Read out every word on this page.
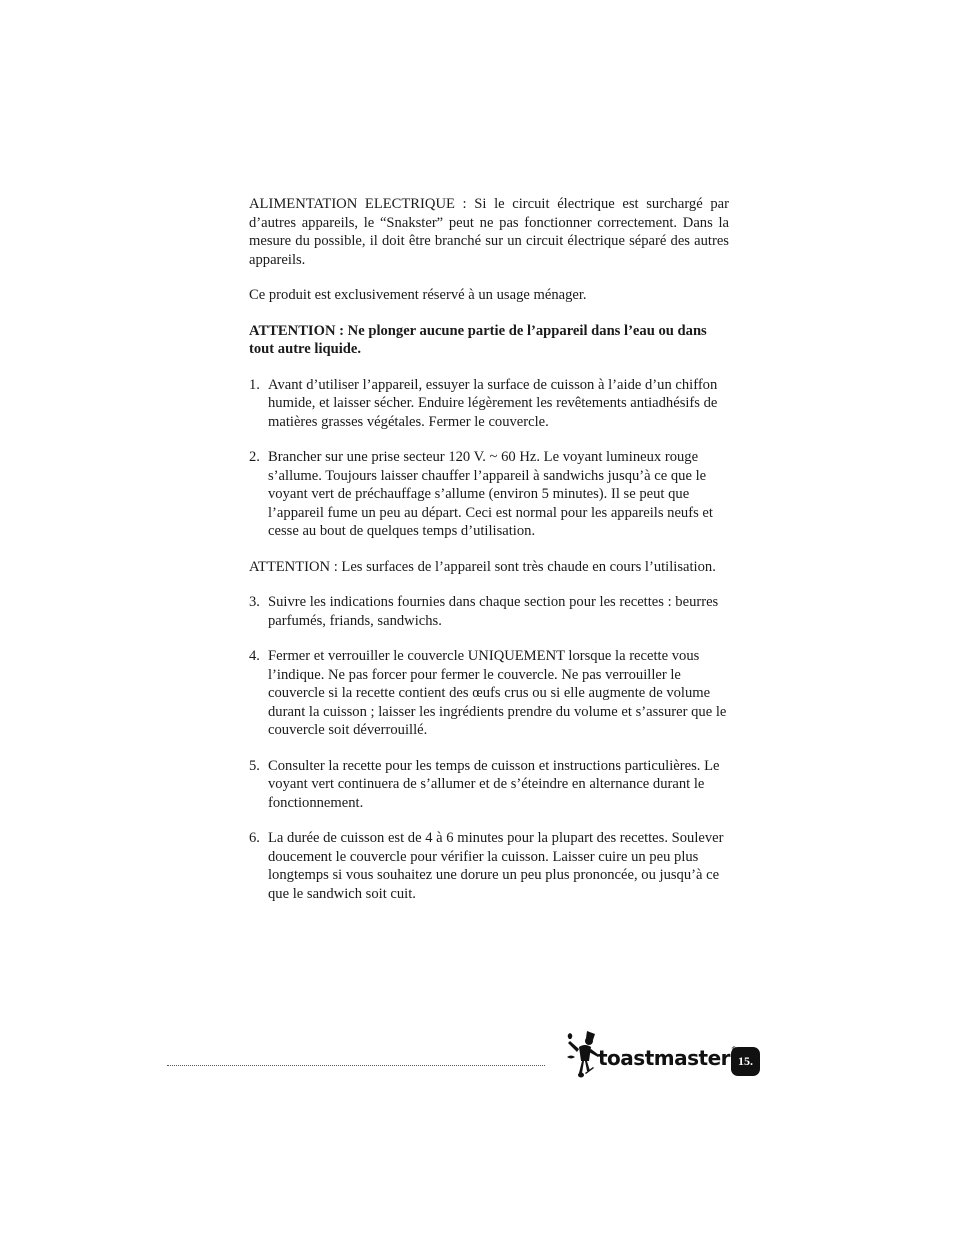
ALIMENTATION ELECTRIQUE : Si le circuit électrique est surchargé par d’autres appareils, le “Snakster” peut ne pas fonctionner correctement. Dans la mesure du possible, il doit être branché sur un circuit électrique séparé des autres appareils.

Ce produit est exclusivement réservé à un usage ménager.

ATTENTION : Ne plonger aucune partie de l’appareil dans l’eau ou dans tout autre liquide.

1. Avant d’utiliser l’appareil, essuyer la surface de cuisson à l’aide d’un chiffon humide, et laisser sécher. Enduire légèrement les revêtements antiadhésifs de matières grasses végétales. Fermer le couvercle.
2. Brancher sur une prise secteur 120 V. ~ 60 Hz. Le voyant lumineux rouge s’allume. Toujours laisser chauffer l’appareil à sandwichs jusqu’à ce que le voyant vert de préchauffage s’allume (environ 5 minutes). Il se peut que l’appareil fume un peu au départ. Ceci est normal pour les appareils neufs et cesse au bout de quelques temps d’utilisation.

ATTENTION : Les surfaces de l’appareil sont très chaude en cours l’utilisation.

3. Suivre les indications fournies dans chaque section pour les recettes : beurres parfumés, friands, sandwichs.
4. Fermer et verrouiller le couvercle UNIQUEMENT lorsque la recette vous l’indique. Ne pas forcer pour fermer le couvercle. Ne pas verrouiller le couvercle si la recette contient des œufs crus ou si elle augmente de volume durant la cuisson ; laisser les ingrédients prendre du volume et s’assurer que le couvercle soit déverrouillé.
5. Consulter la recette pour les temps de cuisson et instructions particulières. Le voyant vert continuera de s’allumer et de s’éteindre en alternance durant le fonctionnement.
6. La durée de cuisson est de 4 à 6 minutes pour la plupart des recettes. Soulever doucement le couvercle pour vérifier la cuisson. Laisser cuire un peu plus longtemps si vous souhaitez une dorure un peu plus prononcée, ou jusqu’à ce que le sandwich soit cuit.
toastmaster 15.
